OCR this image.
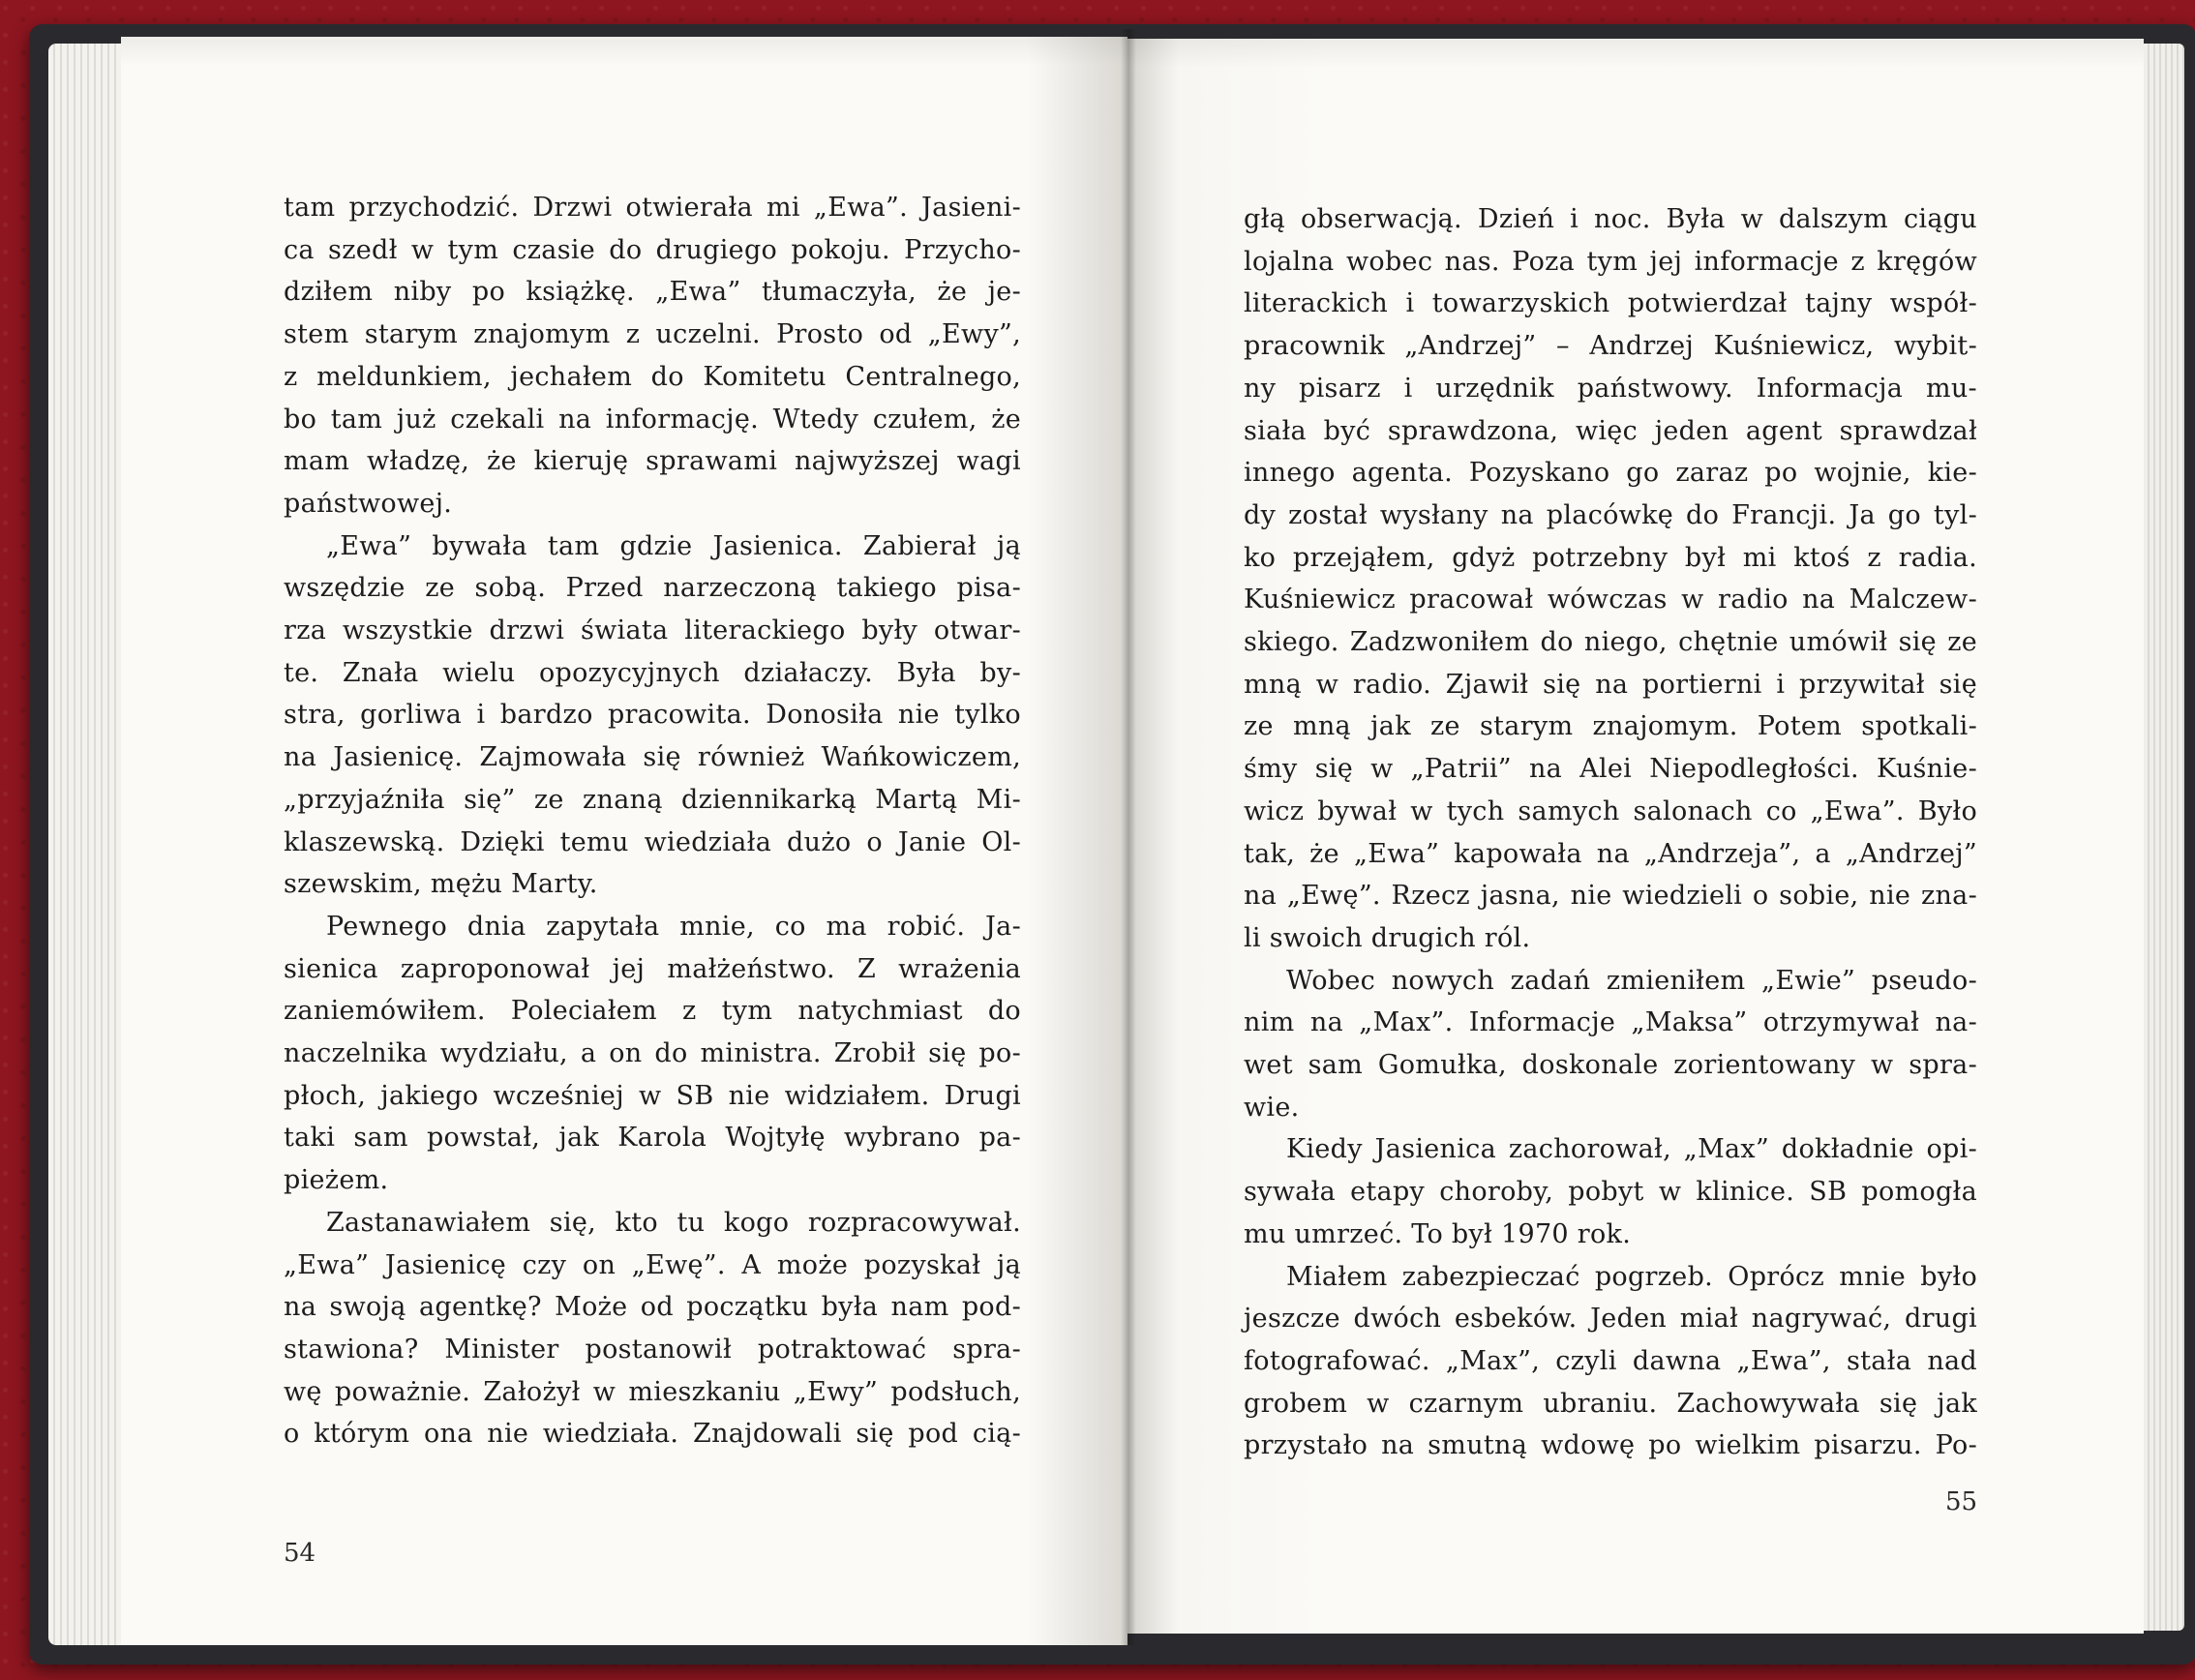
tam przychodzić. Drzwi otwierała mi „Ewa”. Jasieni-
ca szedł w tym czasie do drugiego pokoju. Przycho-
dziłem niby po książkę. „Ewa” tłumaczyła, że je-
stem starym znajomym z uczelni. Prosto od „Ewy”,
z meldunkiem, jechałem do Komitetu Centralnego,
bo tam już czekali na informację. Wtedy czułem, że
mam władzę, że kieruję sprawami najwyższej wagi
państwowej.
„Ewa” bywała tam gdzie Jasienica. Zabierał ją
wszędzie ze sobą. Przed narzeczoną takiego pisa-
rza wszystkie drzwi świata literackiego były otwar-
te. Znała wielu opozycyjnych działaczy. Była by-
stra, gorliwa i bardzo pracowita. Donosiła nie tylko
na Jasienicę. Zajmowała się również Wańkowiczem,
„przyjaźniła się” ze znaną dziennikarką Martą Mi-
klaszewską. Dzięki temu wiedziała dużo o Janie Ol-
szewskim, mężu Marty.
Pewnego dnia zapytała mnie, co ma robić. Ja-
sienica zaproponował jej małżeństwo. Z wrażenia
zaniemówiłem. Poleciałem z tym natychmiast do
naczelnika wydziału, a on do ministra. Zrobił się po-
płoch, jakiego wcześniej w SB nie widziałem. Drugi
taki sam powstał, jak Karola Wojtyłę wybrano pa-
pieżem.
Zastanawiałem się, kto tu kogo rozpracowywał.
„Ewa” Jasienicę czy on „Ewę”. A może pozyskał ją
na swoją agentkę? Może od początku była nam pod-
stawiona? Minister postanowił potraktować spra-
wę poważnie. Założył w mieszkaniu „Ewy” podsłuch,
o którym ona nie wiedziała. Znajdowali się pod cią-
54
głą obserwacją. Dzień i noc. Była w dalszym ciągu
lojalna wobec nas. Poza tym jej informacje z kręgów
literackich i towarzyskich potwierdzał tajny współ-
pracownik „Andrzej” – Andrzej Kuśniewicz, wybit-
ny pisarz i urzędnik państwowy. Informacja mu-
siała być sprawdzona, więc jeden agent sprawdzał
innego agenta. Pozyskano go zaraz po wojnie, kie-
dy został wysłany na placówkę do Francji. Ja go tyl-
ko przejąłem, gdyż potrzebny był mi ktoś z radia.
Kuśniewicz pracował wówczas w radio na Malczew-
skiego. Zadzwoniłem do niego, chętnie umówił się ze
mną w radio. Zjawił się na portierni i przywitał się
ze mną jak ze starym znajomym. Potem spotkali-
śmy się w „Patrii” na Alei Niepodległości. Kuśnie-
wicz bywał w tych samych salonach co „Ewa”. Było
tak, że „Ewa” kapowała na „Andrzeja”, a „Andrzej”
na „Ewę”. Rzecz jasna, nie wiedzieli o sobie, nie zna-
li swoich drugich ról.
Wobec nowych zadań zmieniłem „Ewie” pseudo-
nim na „Max”. Informacje „Maksa” otrzymywał na-
wet sam Gomułka, doskonale zorientowany w spra-
wie.
Kiedy Jasienica zachorował, „Max” dokładnie opi-
sywała etapy choroby, pobyt w klinice. SB pomogła
mu umrzeć. To był 1970 rok.
Miałem zabezpieczać pogrzeb. Oprócz mnie było
jeszcze dwóch esbeków. Jeden miał nagrywać, drugi
fotografować. „Max”, czyli dawna „Ewa”, stała nad
grobem w czarnym ubraniu. Zachowywała się jak
przystało na smutną wdowę po wielkim pisarzu. Po-
55
